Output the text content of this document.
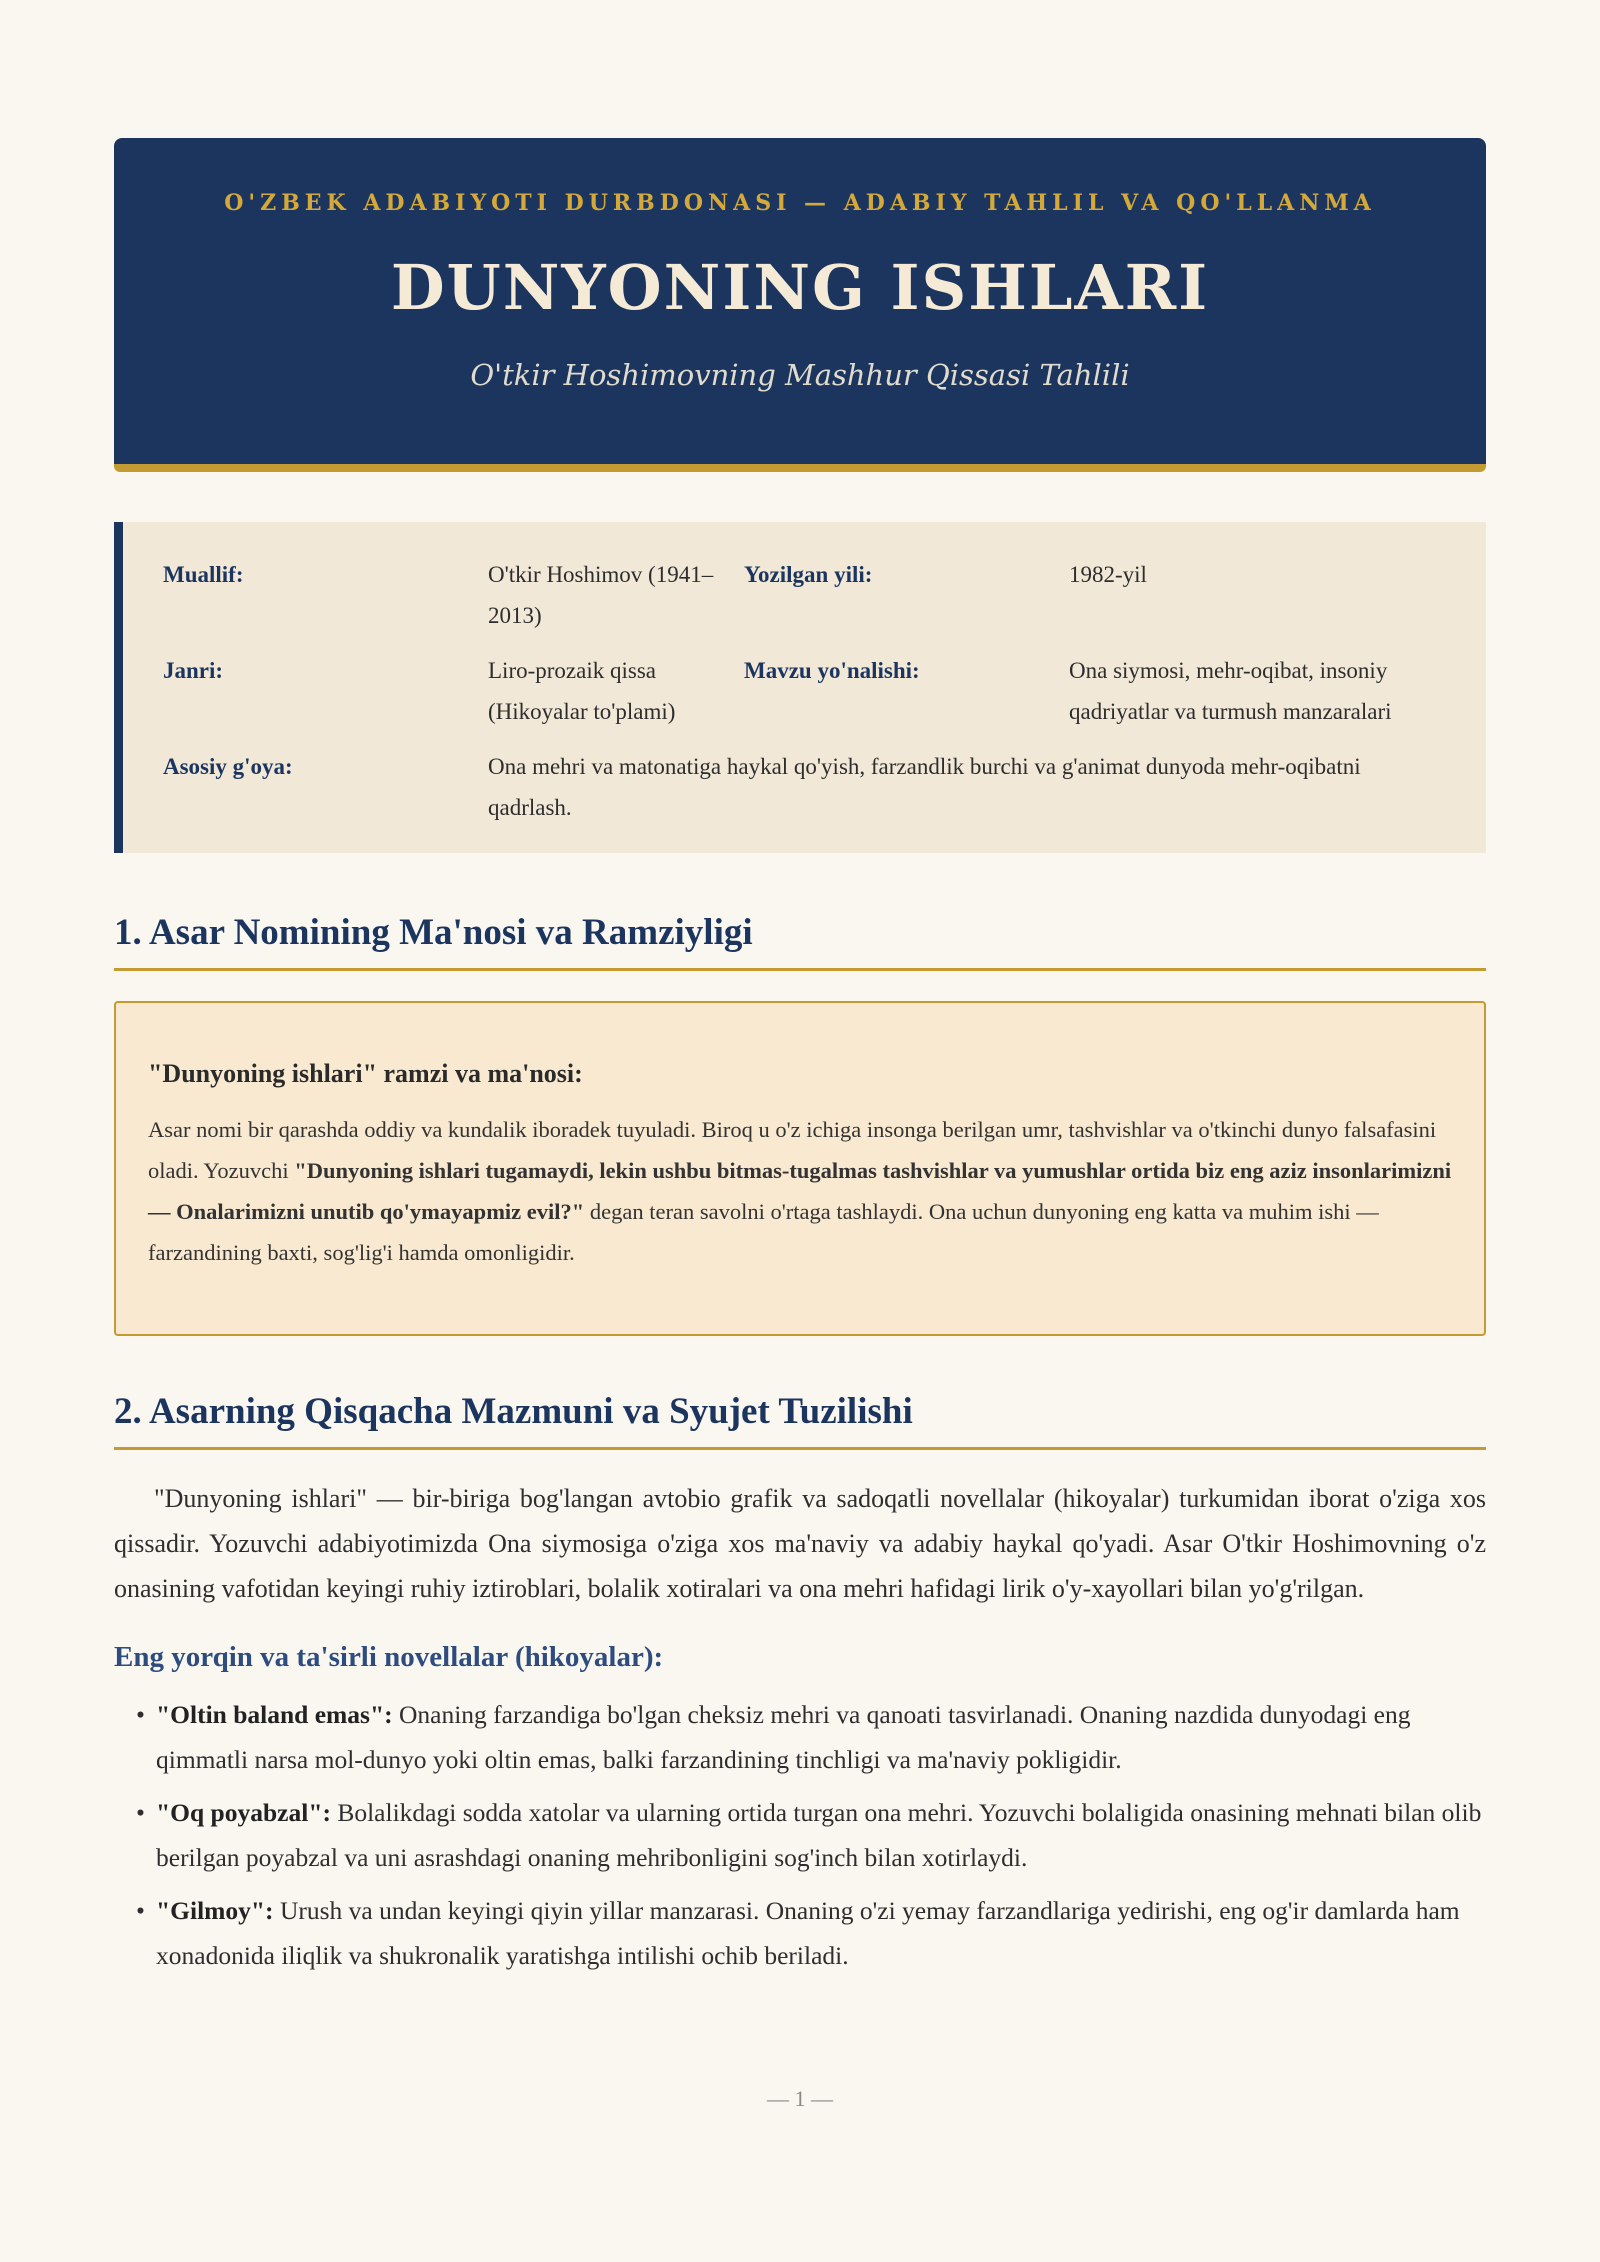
O'ZBEK ADABIYOTI DURBDONASI — ADABIY TAHLIL VA QO'LLANMA

DUNYONING ISHLARI

O'tkir Hoshimovning Mashhur Qissasi Tahlili

Muallif:	O'tkir Hoshimov (1941–2013)
Yozilgan yili:	1982-yil
Janri:	Liro-prozaik qissa (Hikoyalar to'plami)
Mavzu yo'nalishi:	Ona siymosi, mehr-oqibat, insoniy qadriyatlar va turmush manzaralari
Asosiy g'oya:	Ona mehri va matonatiga haykal qo'yish, farzandlik burchi va g'animat dunyoda mehr-oqibatni qadrlash.
1. Asar Nomining Ma'nosi va Ramziyligi

"Dunyoning ishlari" ramzi va ma'nosi:

Asar nomi bir qarashda oddiy va kundalik iboradek tuyuladi. Biroq u o'z ichiga insonga berilgan umr, tashvishlar va o'tkinchi dunyo falsafasini oladi. Yozuvchi "Dunyoning ishlari tugamaydi, lekin ushbu bitmas-tugalmas tashvishlar va yumushlar ortida biz eng aziz insonlarimizni — Onalarimizni unutib qo'ymayapmiz evil?" degan teran savolni o'rtaga tashlaydi. Ona uchun dunyoning eng katta va muhim ishi — farzandining baxti, sog'lig'i hamda omonligidir.

2. Asarning Qisqacha Mazmuni va Syujet Tuzilishi

"Dunyoning ishlari" — bir-biriga bog'langan avtobio grafik va sadoqatli novellalar (hikoyalar) turkumidan iborat o'ziga xos qissadir. Yozuvchi adabiyotimizda Ona siymosiga o'ziga xos ma'naviy va adabiy haykal qo'yadi. Asar O'tkir Hoshimovning o'z onasining vafotidan keyingi ruhiy iztiroblari, bolalik xotiralari va ona mehri hafidagi lirik o'y-xayollari bilan yo'g'rilgan.

Eng yorqin va ta'sirli novellalar (hikoyalar):
• "Oltin baland emas": Onaning farzandiga bo'lgan cheksiz mehri va qanoati tasvirlanadi. Onaning nazdida dunyodagi eng qimmatli narsa mol-dunyo yoki oltin emas, balki farzandining tinchligi va ma'naviy pokligidir.
• "Oq poyabzal": Bolalikdagi sodda xatolar va ularning ortida turgan ona mehri. Yozuvchi bolaligida onasining mehnati bilan olib berilgan poyabzal va uni asrashdagi onaning mehribonligini sog'inch bilan xotirlaydi.
• "Gilmoy": Urush va undan keyingi qiyin yillar manzarasi. Onaning o'zi yemay farzandlariga yedirishi, eng og'ir damlarda ham xonadonida iliqlik va shukronalik yaratishga intilishi ochib beriladi.
— 1 —
